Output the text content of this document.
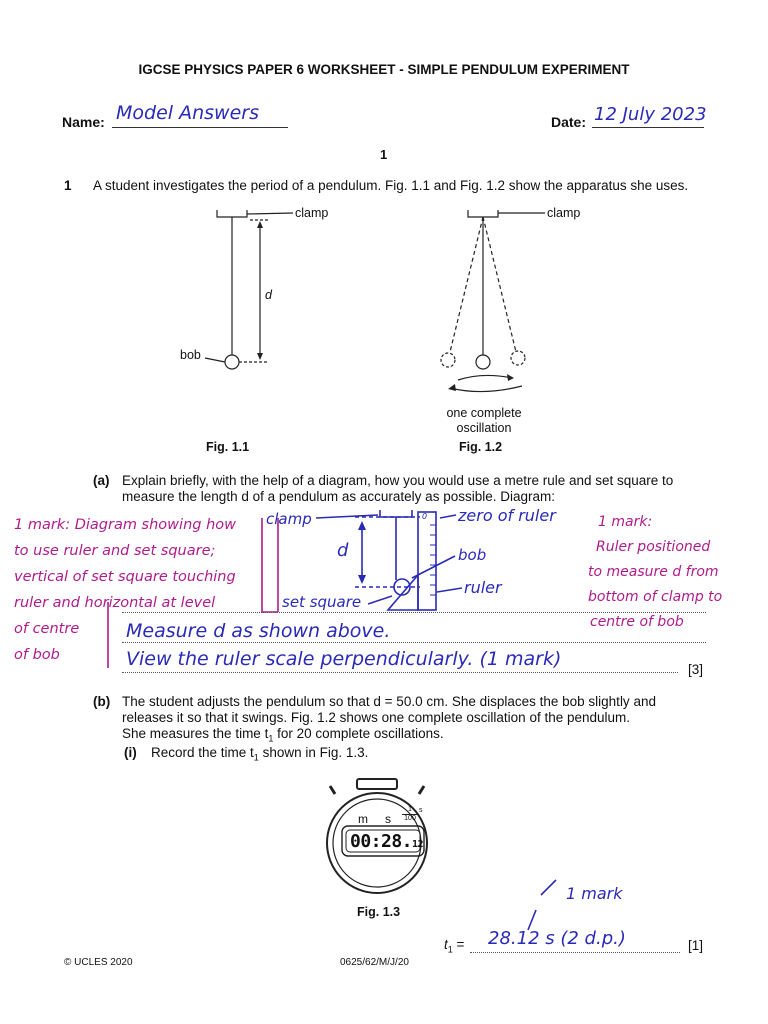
IGCSE PHYSICS PAPER 6 WORKSHEET - SIMPLE PENDULUM EXPERIMENT
Name: Model Answers	Date: 12 July 2023
1
1 A student investigates the period of a pendulum. Fig. 1.1 and Fig. 1.2 show the apparatus she uses.
clamp
d
bob
Fig. 1.1
clamp
one complete
oscillation
Fig. 1.2
(a) Explain briefly, with the help of a diagram, how you would use a metre rule and set square to measure the length d of a pendulum as accurately as possible. Diagram:
1 mark: Diagram showing how
to use ruler and set square;
vertical of set square touching
ruler and horizontal at level
of centre
of bob
clamp
d
0 zero of ruler
bob
ruler
set square
1 mark:
Ruler positioned
to measure d from
bottom of clamp to
centre of bob
Measure d as shown above.
View the ruler scale perpendicularly. (1 mark)	[3]
(b) The student adjusts the pendulum so that d = 50.0 cm. She displaces the bob slightly and
releases it so that it swings. Fig. 1.2 shows one complete oscillation of the pendulum.
She measures the time $t_1$ for 20 complete oscillations.
(i) Record the time $t_1$ shown in Fig. 1.3.
m s
1
100
s
00:28.12
Fig. 1.3
1 mark
$t_1 = 28.12$ s (2 d.p.)	[1]
© UCLES 2020	0625/62/M/J/20
